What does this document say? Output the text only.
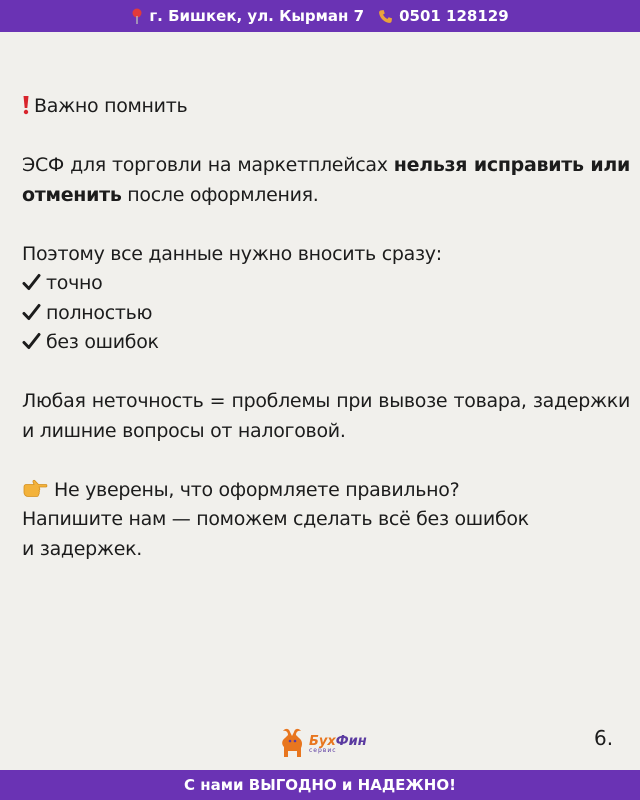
г. Бишкек, ул. Кырман 7 0501 128129

Важно помнить

ЭСФ для торговли на маркетплейсах нельзя исправить или отменить после оформления.

Поэтому все данные нужно вносить сразу:

точно

полностью

без ошибок

Любая неточность = проблемы при вывозе товара, задержки и лишние вопросы от налоговой.

Не уверены, что оформляете правильно?

Напишите нам — поможем сделать всё без ошибок

и задержек.

БухФин
сервис	6.
С нами ВЫГОДНО и НАДЕЖНО!
